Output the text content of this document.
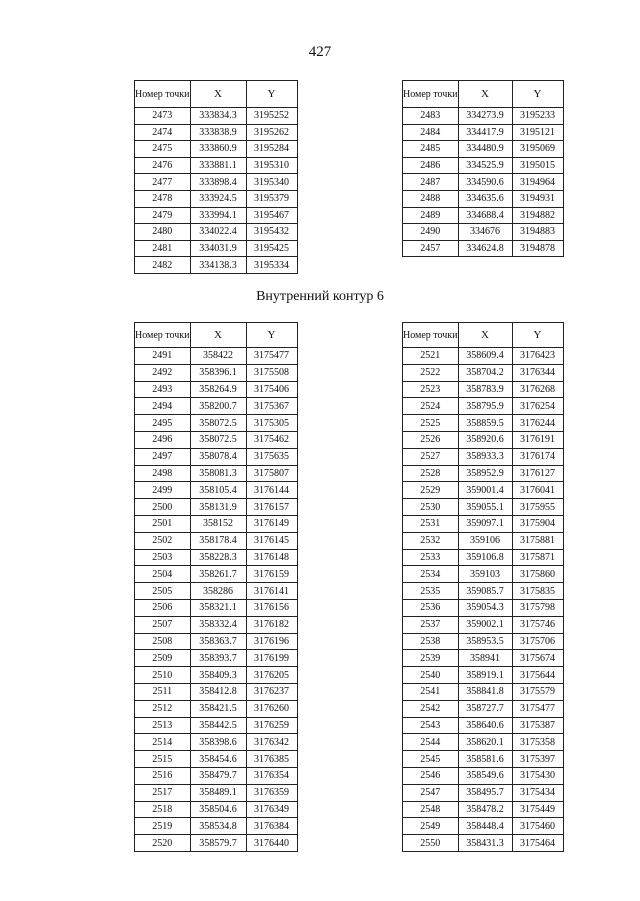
427
Номер точки	X	Y
2473	333834.3	3195252
2474	333838.9	3195262
2475	333860.9	3195284
2476	333881.1	3195310
2477	333898.4	3195340
2478	333924.5	3195379
2479	333994.1	3195467
2480	334022.4	3195432
2481	334031.9	3195425
2482	334138.3	3195334
Номер точки	X	Y
2483	334273.9	3195233
2484	334417.9	3195121
2485	334480.9	3195069
2486	334525.9	3195015
2487	334590.6	3194964
2488	334635.6	3194931
2489	334688.4	3194882
2490	334676	3194883
2457	334624.8	3194878
Внутренний контур 6
Номер точки	X	Y
2491	358422	3175477
2492	358396.1	3175508
2493	358264.9	3175406
2494	358200.7	3175367
2495	358072.5	3175305
2496	358072.5	3175462
2497	358078.4	3175635
2498	358081.3	3175807
2499	358105.4	3176144
2500	358131.9	3176157
2501	358152	3176149
2502	358178.4	3176145
2503	358228.3	3176148
2504	358261.7	3176159
2505	358286	3176141
2506	358321.1	3176156
2507	358332.4	3176182
2508	358363.7	3176196
2509	358393.7	3176199
2510	358409.3	3176205
2511	358412.8	3176237
2512	358421.5	3176260
2513	358442.5	3176259
2514	358398.6	3176342
2515	358454.6	3176385
2516	358479.7	3176354
2517	358489.1	3176359
2518	358504.6	3176349
2519	358534.8	3176384
2520	358579.7	3176440
Номер точки	X	Y
2521	358609.4	3176423
2522	358704.2	3176344
2523	358783.9	3176268
2524	358795.9	3176254
2525	358859.5	3176244
2526	358920.6	3176191
2527	358933.3	3176174
2528	358952.9	3176127
2529	359001.4	3176041
2530	359055.1	3175955
2531	359097.1	3175904
2532	359106	3175881
2533	359106.8	3175871
2534	359103	3175860
2535	359085.7	3175835
2536	359054.3	3175798
2537	359002.1	3175746
2538	358953.5	3175706
2539	358941	3175674
2540	358919.1	3175644
2541	358841.8	3175579
2542	358727.7	3175477
2543	358640.6	3175387
2544	358620.1	3175358
2545	358581.6	3175397
2546	358549.6	3175430
2547	358495.7	3175434
2548	358478.2	3175449
2549	358448.4	3175460
2550	358431.3	3175464
